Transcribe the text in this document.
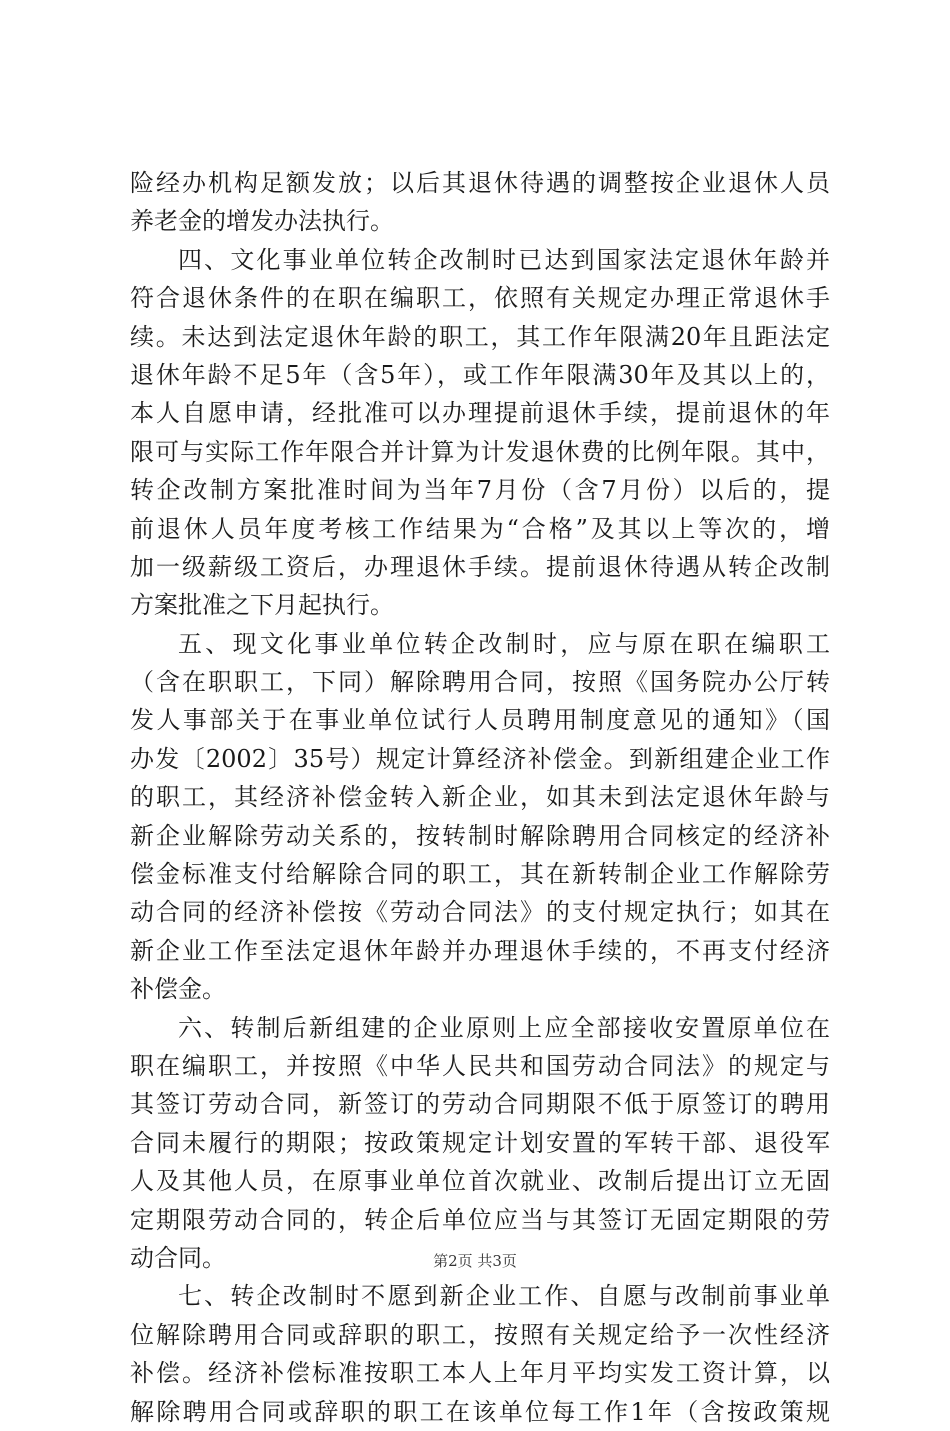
险经办机构足额发放；以后其退休待遇的调整按企业退休人员
养老金的增发办法执行。
四、文化事业单位转企改制时已达到国家法定退休年龄并
符合退休条件的在职在编职工，依照有关规定办理正常退休手
续。未达到法定退休年龄的职工，其工作年限满20年且距法定
退休年龄不足5年（含5年），或工作年限满30年及其以上的，
本人自愿申请，经批准可以办理提前退休手续，提前退休的年
限可与实际工作年限合并计算为计发退休费的比例年限。其中，
转企改制方案批准时间为当年7月份（含7月份）以后的，提
前退休人员年度考核工作结果为“合格”及其以上等次的，增
加一级薪级工资后，办理退休手续。提前退休待遇从转企改制
方案批准之下月起执行。
五、现文化事业单位转企改制时，应与原在职在编职工
（含在职职工，下同）解除聘用合同，按照《国务院办公厅转
发人事部关于在事业单位试行人员聘用制度意见的通知》（国
办发〔2002〕35号）规定计算经济补偿金。到新组建企业工作
的职工，其经济补偿金转入新企业，如其未到法定退休年龄与
新企业解除劳动关系的，按转制时解除聘用合同核定的经济补
偿金标准支付给解除合同的职工，其在新转制企业工作解除劳
动合同的经济补偿按《劳动合同法》的支付规定执行；如其在
新企业工作至法定退休年龄并办理退休手续的，不再支付经济
补偿金。
六、转制后新组建的企业原则上应全部接收安置原单位在
职在编职工，并按照《中华人民共和国劳动合同法》的规定与
其签订劳动合同，新签订的劳动合同期限不低于原签订的聘用
合同未履行的期限；按政策规定计划安置的军转干部、退役军
人及其他人员，在原事业单位首次就业、改制后提出订立无固
定期限劳动合同的，转企后单位应当与其签订无固定期限的劳
动合同。
七、转企改制时不愿到新企业工作、自愿与改制前事业单
位解除聘用合同或辞职的职工，按照有关规定给予一次性经济
补偿。经济补偿标准按职工本人上年月平均实发工资计算，以
解除聘用合同或辞职的职工在该单位每工作1年（含按政策规
第2页 共3页
